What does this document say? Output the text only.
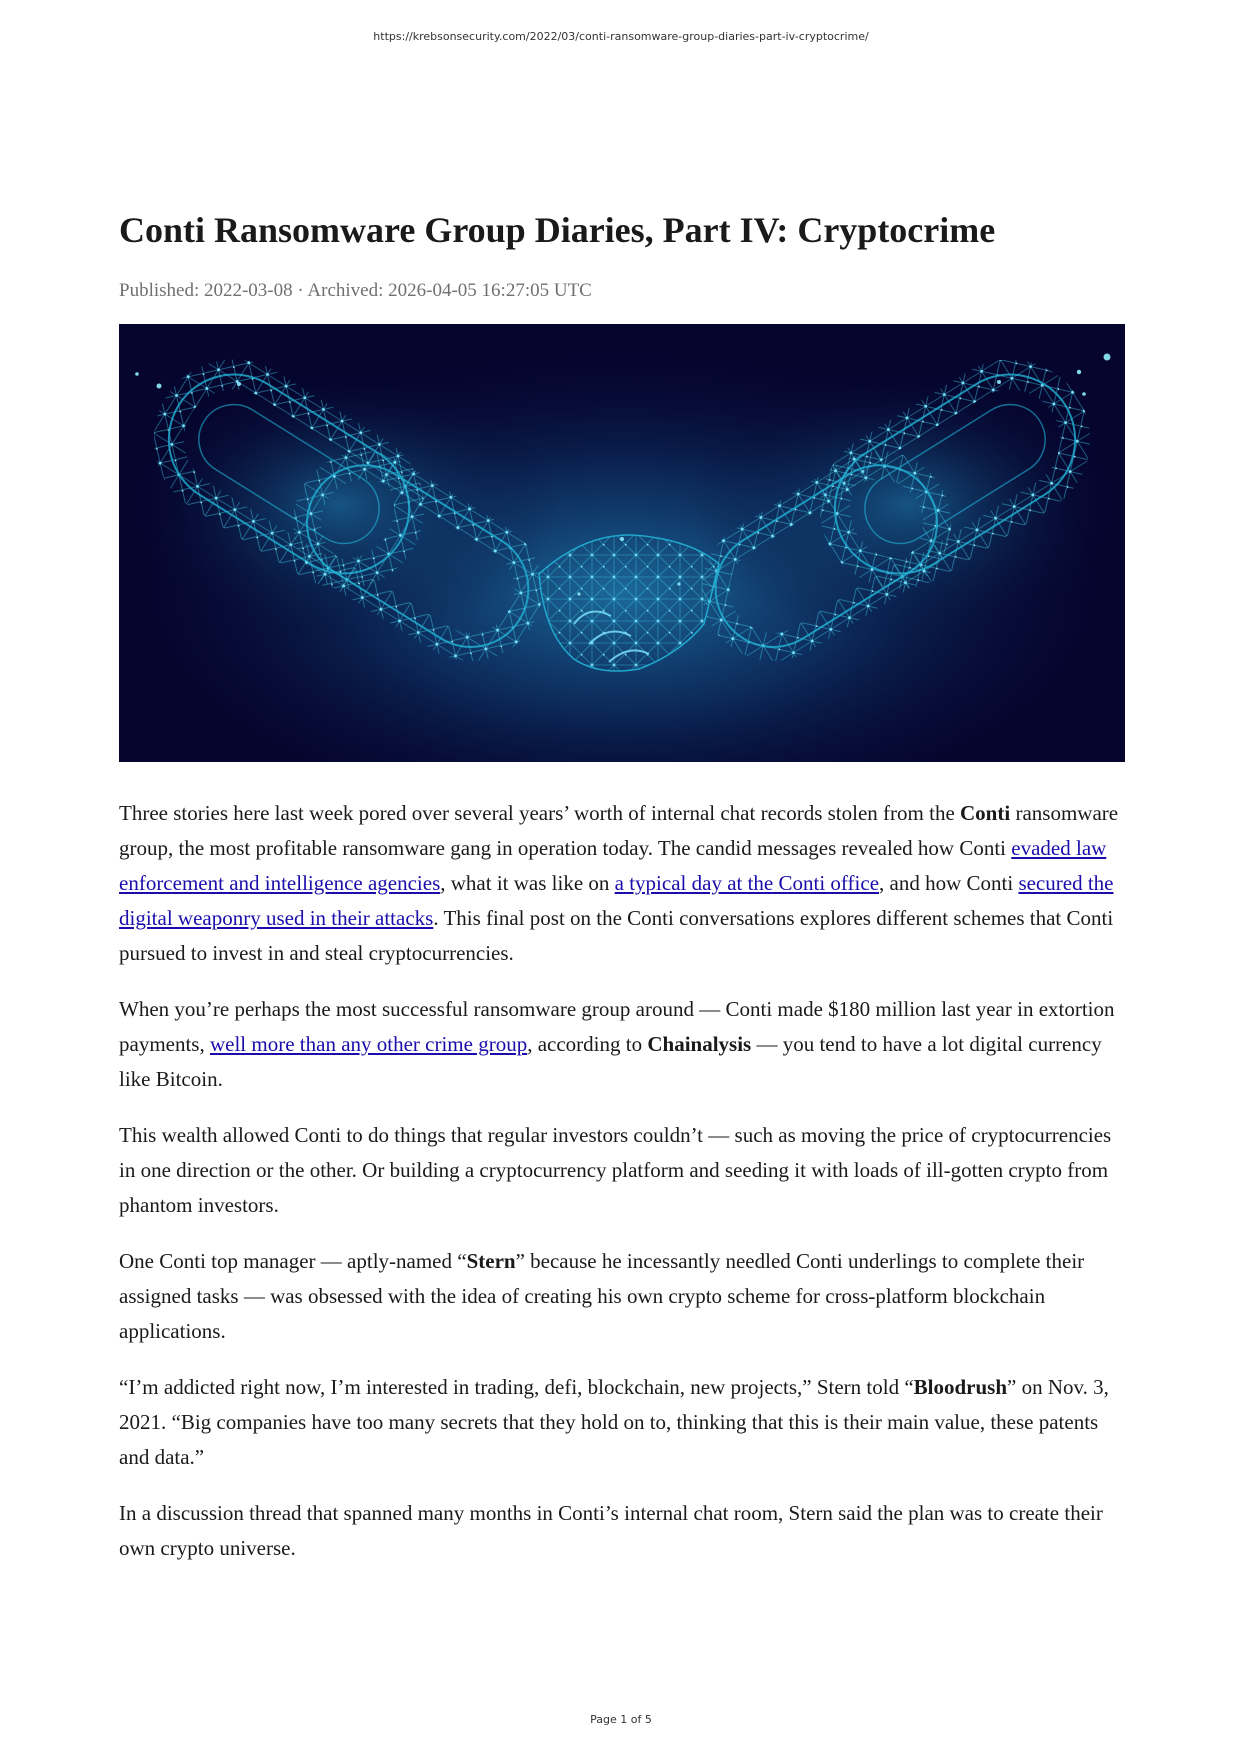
https://krebsonsecurity.com/2022/03/conti-ransomware-group-diaries-part-iv-cryptocrime/
Conti Ransomware Group Diaries, Part IV: Cryptocrime
Published: 2022-03-08 · Archived: 2026-04-05 16:27:05 UTC

Three stories here last week pored over several years’ worth of internal chat records stolen from the Conti ransomware group, the most profitable ransomware gang in operation today. The candid messages revealed how Conti evaded law enforcement and intelligence agencies, what it was like on a typical day at the Conti office, and how Conti secured the digital weaponry used in their attacks. This final post on the Conti conversations explores different schemes that Conti pursued to invest in and steal cryptocurrencies.

When you’re perhaps the most successful ransomware group around — Conti made $180 million last year in extortion payments, well more than any other crime group, according to Chainalysis — you tend to have a lot digital currency like Bitcoin.

This wealth allowed Conti to do things that regular investors couldn’t — such as moving the price of cryptocurrencies in one direction or the other. Or building a cryptocurrency platform and seeding it with loads of ill-gotten crypto from phantom investors.

One Conti top manager — aptly-named “Stern” because he incessantly needled Conti underlings to complete their assigned tasks — was obsessed with the idea of creating his own crypto scheme for cross-platform blockchain applications.

“I’m addicted right now, I’m interested in trading, defi, blockchain, new projects,” Stern told “Bloodrush” on Nov. 3, 2021. “Big companies have too many secrets that they hold on to, thinking that this is their main value, these patents and data.”

In a discussion thread that spanned many months in Conti’s internal chat room, Stern said the plan was to create their own crypto universe.

Page 1 of 5
